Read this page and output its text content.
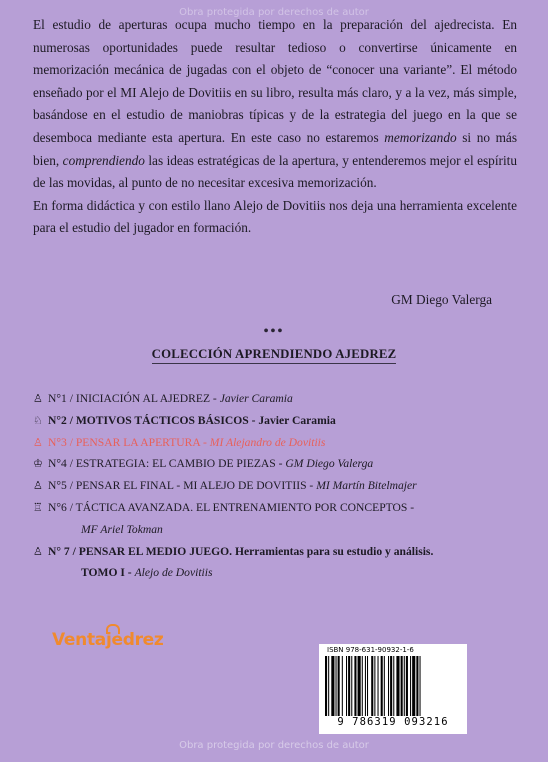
Obra protegida por derechos de autor

El estudio de aperturas ocupa mucho tiempo en la preparación del ajedrecista. En numerosas oportunidades puede resultar tedioso o convertirse únicamente en memorización mecánica de jugadas con el objeto de “conocer una variante”. El método enseñado por el MI Alejo de Dovitiis en su libro, resulta más claro, y a la vez, más simple, basándose en el estudio de maniobras típicas y de la estrategia del juego en la que se desemboca mediante esta apertura. En este caso no estaremos memorizando si no más bien, comprendiendo las ideas estratégicas de la apertura, y entenderemos mejor el espíritu de las movidas, al punto de no necesitar excesiva memorización.

En forma didáctica y con estilo llano Alejo de Dovitiis nos deja una herramienta excelente para el estudio del jugador en formación.

GM Diego Valerga
•••
COLECCIÓN APRENDIENDO AJEDREZ
♙ N°1 / INICIACIÓN AL AJEDREZ - Javier Caramia
♘ N°2 / MOTIVOS TÁCTICOS BÁSICOS - Javier Caramia
♙ N°3 / PENSAR LA APERTURA - MI Alejandro de Dovitiis
♔ N°4 / ESTRATEGIA: EL CAMBIO DE PIEZAS - GM Diego Valerga
♙ N°5 / PENSAR EL FINAL - MI ALEJO DE DOVITIIS - MI Martín Bitelmajer
♖ N°6 / TÁCTICA AVANZADA. EL ENTRENAMIENTO POR CONCEPTOS -
MF Ariel Tokman
♙ N° 7 / PENSAR EL MEDIO JUEGO. Herramientas para su estudio y análisis.
TOMO I - Alejo de Dovitiis
Ventajedrez	ISBN 978-631-90932-1-6
9 786319 093216
Obra protegida por derechos de autor
